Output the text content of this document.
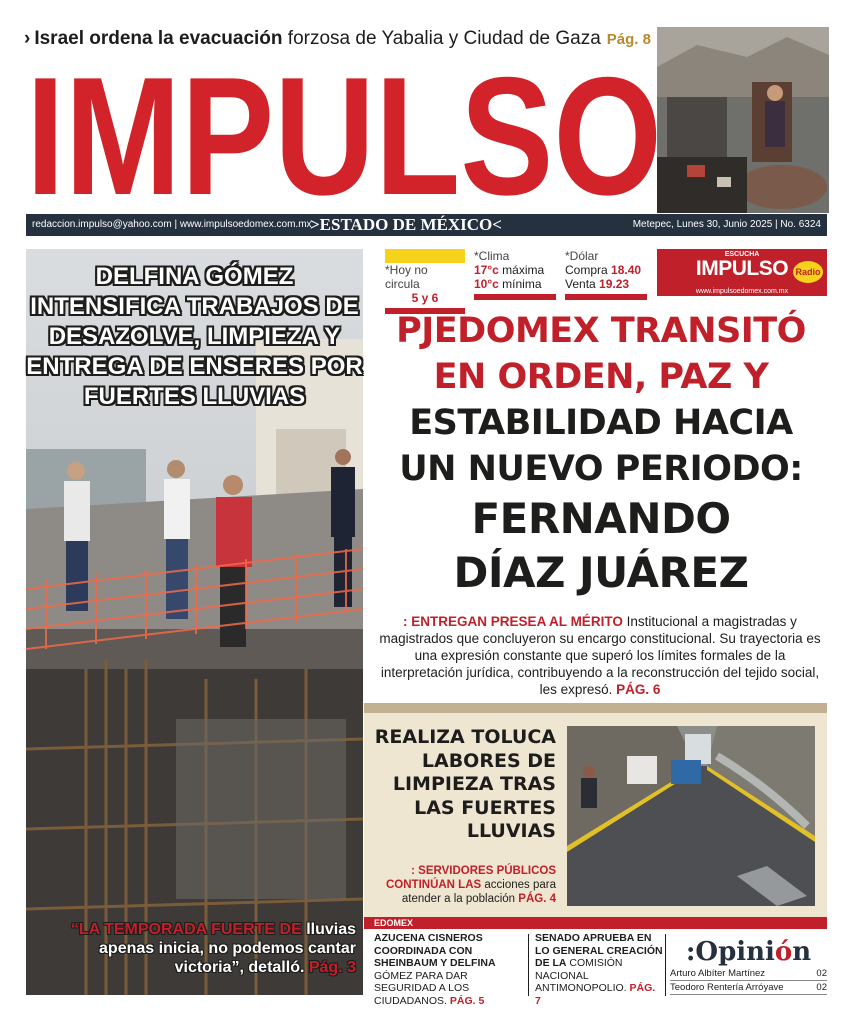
› Israel ordena la evacuación forzosa de Yabalia y Ciudad de Gaza Pág. 8
IMPULSO
redaccion.impulso@yahoo.com | www.impulsoedomex.com.mx
>ESTADO DE MÉXICO<	Metepec, Lunes 30, Junio 2025 | No. 6324
DELFINA GÓMEZ INTENSIFICA TRABAJOS DE DESAZOLVE, LIMPIEZA Y ENTREGA DE ENSERES POR FUERTES LLUVIAS
“LA TEMPORADA FUERTE DE lluvias apenas inicia, no podemos cantar victoria”, detalló. Pág. 3
*Hoy no circula
5 y 6
*Clima
17°c máxima
10°c mínima
*Dólar
Compra 18.40
Venta 19.23
ESCUCHA
IMPULSO Radio
www.impulsoedomex.com.mx
PJEDOMEX TRANSITÓ
EN ORDEN, PAZ Y
ESTABILIDAD HACIA
UN NUEVO PERIODO:
FERNANDO
DÍAZ JUÁREZ
: ENTREGAN PRESEA AL MÉRITO Institucional a magistradas y magistrados que concluyeron su encargo constitucional. Su trayectoria es una expresión constante que superó los límites formales de la interpretación jurídica, contribuyendo a la reconstrucción del tejido social, les expresó. PÁG. 6
REALIZA TOLUCA LABORES DE LIMPIEZA TRAS LAS FUERTES LLUVIAS
: SERVIDORES PÚBLICOS CONTINÚAN LAS acciones para atender a la población PÁG. 4
EDOMEX
AZUCENA CISNEROS COORDINADA CON SHEINBAUM Y DELFINA GÓMEZ PARA DAR SEGURIDAD A LOS CIUDADANOS. PÁG. 5
SENADO APRUEBA EN LO GENERAL CREACIÓN DE LA COMISIÓN NACIONAL ANTIMONOPOLIO. PÁG. 7
:Opinión
Arturo Albíter Martínez	02
Teodoro Rentería Arróyave	02
